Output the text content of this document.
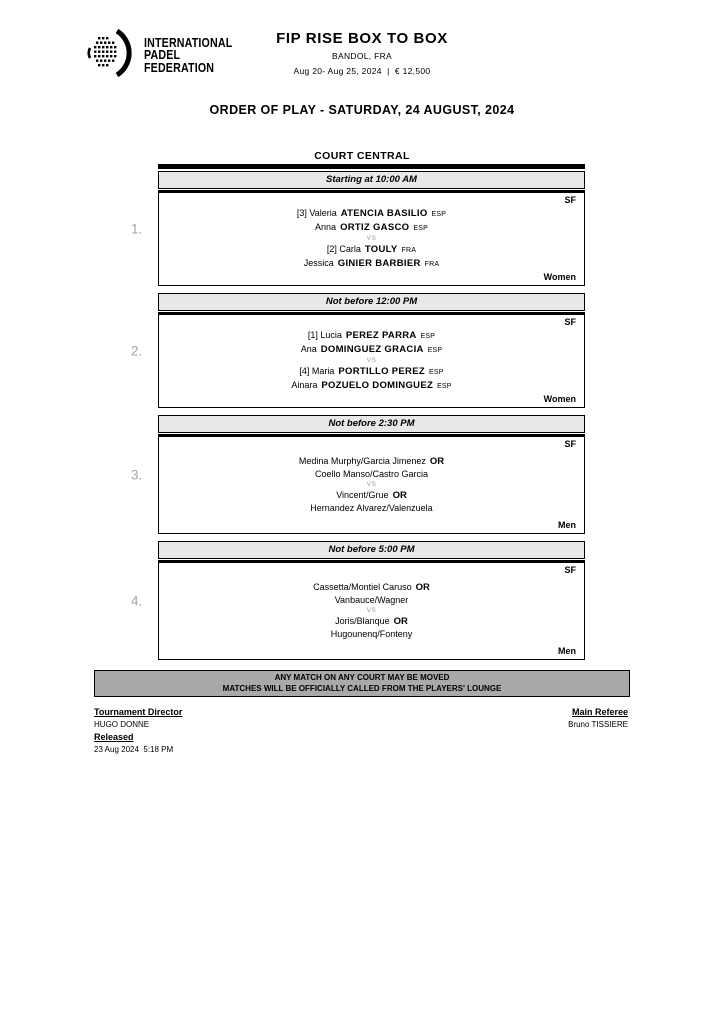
INTERNATIONAL
PADEL
FEDERATION
FIP RISE BOX TO BOX
BANDOL, FRA
Aug 20- Aug 25, 2024  |  € 12,500
ORDER OF PLAY - SATURDAY, 24 AUGUST, 2024
COURT CENTRAL
1.
Starting at 10:00 AM
SF
[3] Valeria ATENCIA BASILIO ESP
Anna ORTIZ GASCO ESP
VS
[2] Carla TOULY FRA
Jessica GINIER BARBIER FRA
Women
2.
Not before 12:00 PM
SF
[1] Lucia PEREZ PARRA ESP
Ana DOMINGUEZ GRACIA ESP
VS
[4] Maria PORTILLO PEREZ ESP
Ainara POZUELO DOMINGUEZ ESP
Women
3.
Not before 2:30 PM
SF
Medina Murphy/Garcia Jimenez OR
Coello Manso/Castro Garcia
VS
Vincent/Grue OR
Hernandez Alvarez/Valenzuela
Men
4.
Not before 5:00 PM
SF
Cassetta/Montiel Caruso OR
Vanbauce/Wagner
VS
Joris/Blanque OR
Hugounenq/Fonteny
Men
ANY MATCH ON ANY COURT MAY BE MOVED
MATCHES WILL BE OFFICIALLY CALLED FROM THE PLAYERS' LOUNGE
Tournament Director
HUGO DONNE
Released
23 Aug 2024  5:18 PM
Main Referee
Bruno TISSIERE
